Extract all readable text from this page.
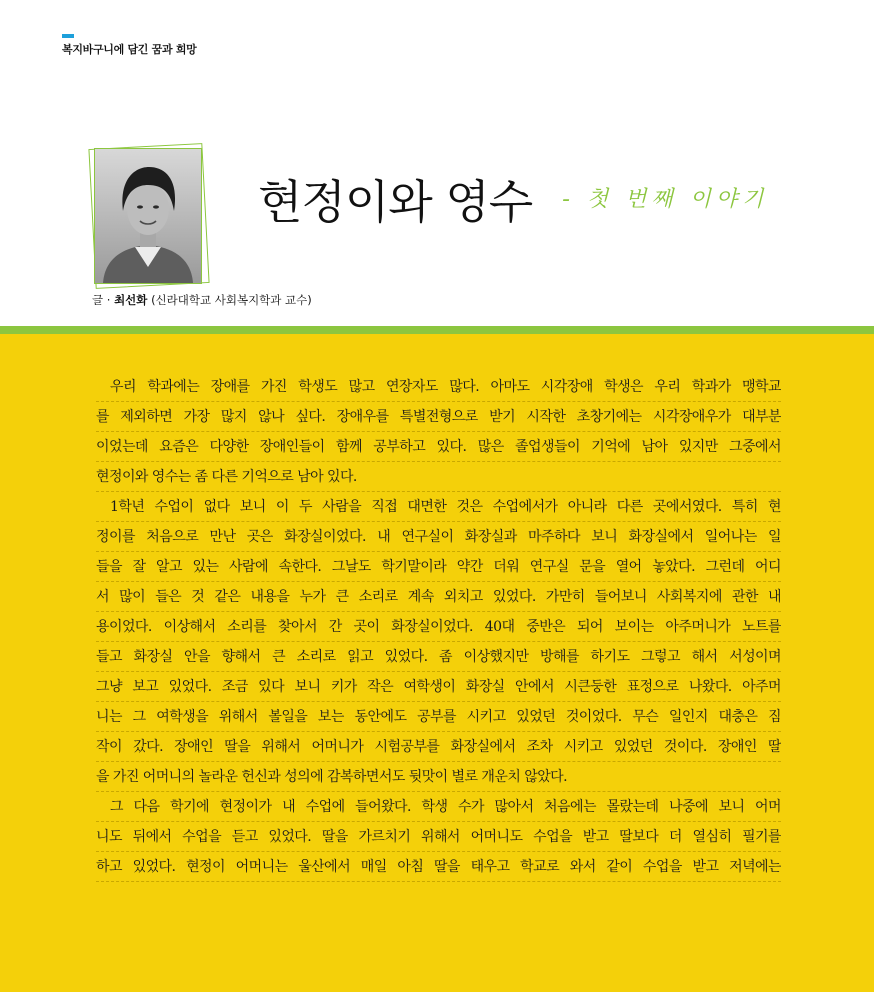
복지바구니에 담긴 꿈과 희망
현정이와 영수 - 첫 번째 이야기
글 · 최선화 (신라대학교 사회복지학과 교수)
우리 학과에는 장애를 가진 학생도 많고 연장자도 많다. 아마도 시각장애 학생은 우리 학과가 맹학교
를 제외하면 가장 많지 않나 싶다. 장애우를 특별전형으로 받기 시작한 초창기에는 시각장애우가 대부분
이었는데 요즘은 다양한 장애인들이 함께 공부하고 있다. 많은 졸업생들이 기억에 남아 있지만 그중에서
현정이와 영수는 좀 다른 기억으로 남아 있다.
1학년 수업이 없다 보니 이 두 사람을 직접 대면한 것은 수업에서가 아니라 다른 곳에서였다. 특히 현
정이를 처음으로 만난 곳은 화장실이었다. 내 연구실이 화장실과 마주하다 보니 화장실에서 일어나는 일
들을 잘 알고 있는 사람에 속한다. 그날도 학기말이라 약간 더워 연구실 문을 열어 놓았다. 그런데 어디
서 많이 들은 것 같은 내용을 누가 큰 소리로 계속 외치고 있었다. 가만히 들어보니 사회복지에 관한 내
용이었다. 이상해서 소리를 찾아서 간 곳이 화장실이었다. 40대 중반은 되어 보이는 아주머니가 노트를
들고 화장실 안을 향해서 큰 소리로 읽고 있었다. 좀 이상했지만 방해를 하기도 그렇고 해서 서성이며
그냥 보고 있었다. 조금 있다 보니 키가 작은 여학생이 화장실 안에서 시큰둥한 표정으로 나왔다. 아주머
니는 그 여학생을 위해서 볼일을 보는 동안에도 공부를 시키고 있었던 것이었다. 무슨 일인지 대충은 짐
작이 갔다. 장애인 딸을 위해서 어머니가 시험공부를 화장실에서 조차 시키고 있었던 것이다. 장애인 딸
을 가진 어머니의 놀라운 헌신과 성의에 감복하면서도 뒷맛이 별로 개운치 않았다.
그 다음 학기에 현정이가 내 수업에 들어왔다. 학생 수가 많아서 처음에는 몰랐는데 나중에 보니 어머
니도 뒤에서 수업을 듣고 있었다. 딸을 가르치기 위해서 어머니도 수업을 받고 딸보다 더 열심히 필기를
하고 있었다. 현정이 어머니는 울산에서 매일 아침 딸을 태우고 학교로 와서 같이 수업을 받고 저녁에는
